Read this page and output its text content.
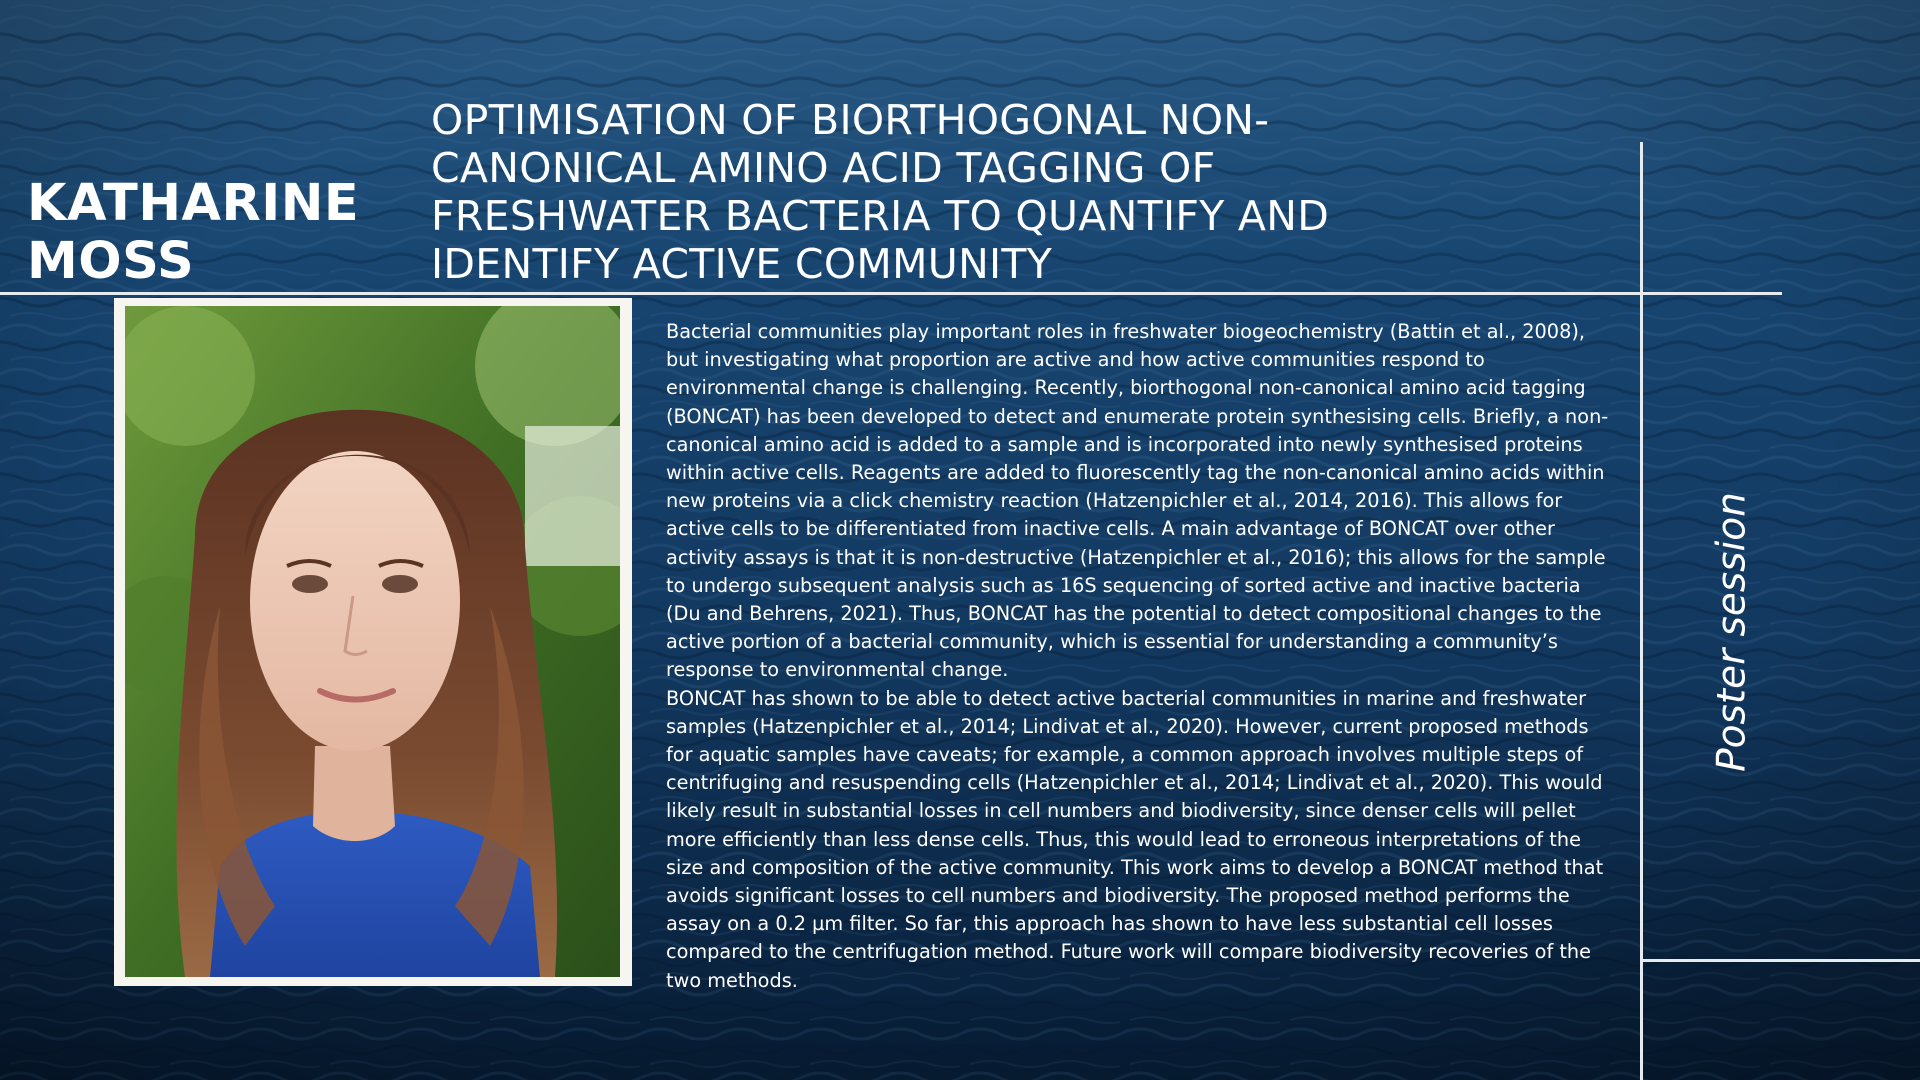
KATHARINE
MOSS
OPTIMISATION OF BIORTHOGONAL NON-CANONICAL AMINO ACID TAGGING OF FRESHWATER BACTERIA TO QUANTIFY AND IDENTIFY ACTIVE COMMUNITY

Bacterial communities play important roles in freshwater biogeochemistry (Battin et al., 2008), but investigating what proportion are active and how active communities respond to environmental change is challenging. Recently, biorthogonal non-canonical amino acid tagging (BONCAT) has been developed to detect and enumerate protein synthesising cells. Briefly, a non-canonical amino acid is added to a sample and is incorporated into newly synthesised proteins within active cells. Reagents are added to fluorescently tag the non-canonical amino acids within new proteins via a click chemistry reaction (Hatzenpichler et al., 2014, 2016). This allows for active cells to be differentiated from inactive cells. A main advantage of BONCAT over other activity assays is that it is non-destructive (Hatzenpichler et al., 2016); this allows for the sample to undergo subsequent analysis such as 16S sequencing of sorted active and inactive bacteria (Du and Behrens, 2021). Thus, BONCAT has the potential to detect compositional changes to the active portion of a bacterial community, which is essential for understanding a community’s response to environmental change.

BONCAT has shown to be able to detect active bacterial communities in marine and freshwater samples (Hatzenpichler et al., 2014; Lindivat et al., 2020). However, current proposed methods for aquatic samples have caveats; for example, a common approach involves multiple steps of centrifuging and resuspending cells (Hatzenpichler et al., 2014; Lindivat et al., 2020). This would likely result in substantial losses in cell numbers and biodiversity, since denser cells will pellet more efficiently than less dense cells. Thus, this would lead to erroneous interpretations of the size and composition of the active community. This work aims to develop a BONCAT method that avoids significant losses to cell numbers and biodiversity. The proposed method performs the assay on a 0.2 µm filter. So far, this approach has shown to have less substantial cell losses compared to the centrifugation method. Future work will compare biodiversity recoveries of the two methods.

Poster session
